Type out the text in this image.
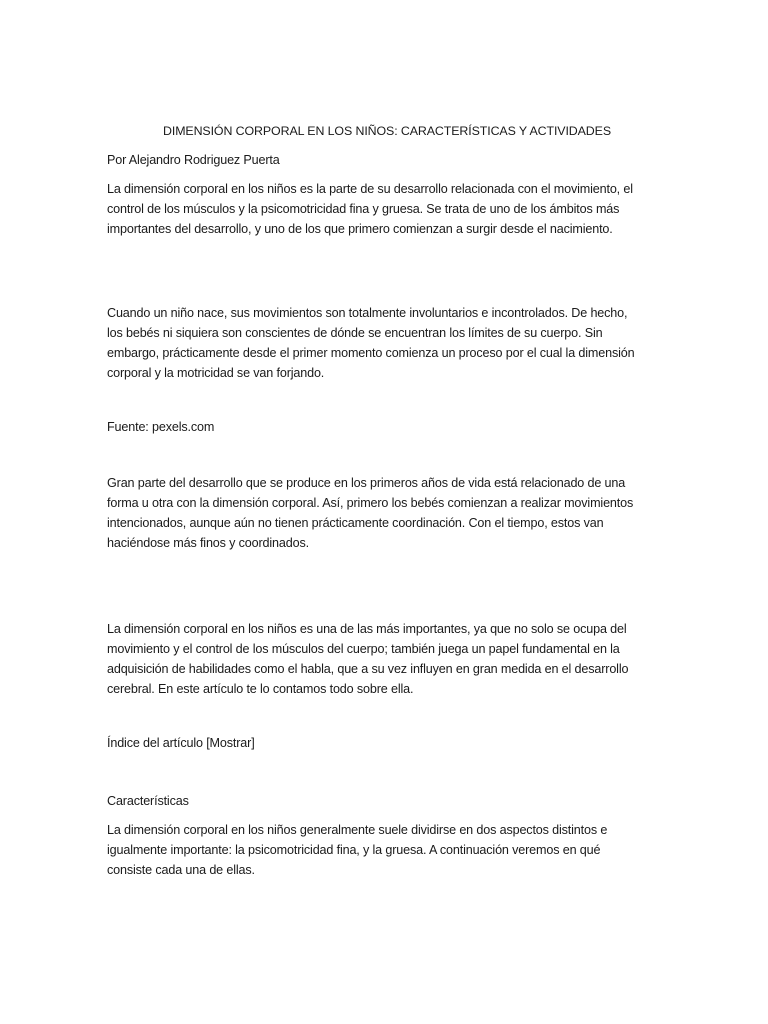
DIMENSIÓN CORPORAL EN LOS NIÑOS: CARACTERÍSTICAS Y ACTIVIDADES

Por Alejandro Rodriguez Puerta

La dimensión corporal en los niños es la parte de su desarrollo relacionada con el movimiento, el
control de los músculos y la psicomotricidad fina y gruesa. Se trata de uno de los ámbitos más
importantes del desarrollo, y uno de los que primero comienzan a surgir desde el nacimiento.

Cuando un niño nace, sus movimientos son totalmente involuntarios e incontrolados. De hecho,
los bebés ni siquiera son conscientes de dónde se encuentran los límites de su cuerpo. Sin
embargo, prácticamente desde el primer momento comienza un proceso por el cual la dimensión
corporal y la motricidad se van forjando.

Fuente: pexels.com

Gran parte del desarrollo que se produce en los primeros años de vida está relacionado de una
forma u otra con la dimensión corporal. Así, primero los bebés comienzan a realizar movimientos
intencionados, aunque aún no tienen prácticamente coordinación. Con el tiempo, estos van
haciéndose más finos y coordinados.

La dimensión corporal en los niños es una de las más importantes, ya que no solo se ocupa del
movimiento y el control de los músculos del cuerpo; también juega un papel fundamental en la
adquisición de habilidades como el habla, que a su vez influyen en gran medida en el desarrollo
cerebral. En este artículo te lo contamos todo sobre ella.

Índice del artículo [Mostrar]

Características

La dimensión corporal en los niños generalmente suele dividirse en dos aspectos distintos e
igualmente importante: la psicomotricidad fina, y la gruesa. A continuación veremos en qué
consiste cada una de ellas.
